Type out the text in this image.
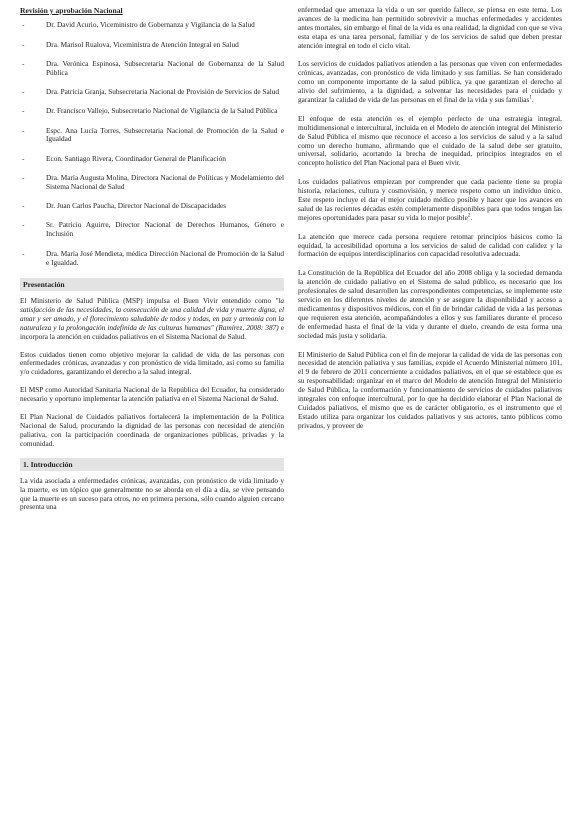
Revisión y aprobación Nacional
-	Dr. David Acurio, Viceministro de Gobernanza y Vigilancia de la Salud
-	Dra. Marisol Rualova, Viceministra de Atención Integral en Salud
-	Dra. Verónica Espinosa, Subsecretaria Nacional de Gobernanza de la Salud Pública
-	Dra. Patricia Granja, Subsecretaria Nacional de Provisión de Servicios de Salud
-	Dr. Francisco Vallejo, Subsecretario Nacional de Vigilancia de la Salud Pública
-	Espc. Ana Lucía Torres, Subsecretaria Nacional de Promoción de la Salud e Igualdad
-	Econ. Santiago Rivera, Coordinador General de Planificación
-	Dra. María Augusta Molina, Directora Nacional de Políticas y Modelamiento del Sistema Nacional de Salud
-	Dr. Juan Carlos Paucha, Director Nacional de Discapacidades
-	Sr. Patricio Aguirre, Director Nacional de Derechos Humanos, Género e Inclusión
-	Dra. María José Mendieta, médica Dirección Nacional de Promoción de la Salud e Igualdad.
Presentación

El Ministerio de Salud Pública (MSP) impulsa el Buen Vivir entendido como "la satisfacción de las necesidades, la consecución de una calidad de vida y muerte digna, el amar y ser amado, y el florecimiento saludable de todos y todas, en paz y armonía con la naturaleza y la prolongación indefinida de las culturas humanas" (Ramírez, 2008: 387) e incorpora la atención en cuidados paliativos en el Sistema Nacional de Salud.

Estos cuidados tienen como objetivo mejorar la calidad de vida de las personas con enfermedades crónicas, avanzadas y con pronóstico de vida limitado, así como su familia y/o cuidadores, garantizando el derecho a la salud integral.

El MSP como Autoridad Sanitaria Nacional de la República del Ecuador, ha considerado necesario y oportuno implementar la atención paliativa en el Sistema Nacional de Salud.

El Plan Nacional de Cuidados paliativos fortalecerá la implementación de la Política Nacional de Salud, procurando la dignidad de las personas con necesidad de atención paliativa, con la participación coordinada de organizaciones públicas, privadas y la comunidad.

1. Introducción

La vida asociada a enfermedades crónicas, avanzadas, con pronóstico de vida limitado y la muerte, es un tópico que generalmente no se aborda en el día a día, se vive pensando que la muerte es un suceso para otros, no en primera persona, sólo cuando alguien cercano presenta una

enfermedad que amenaza la vida o un ser querido fallece, se piensa en este tema. Los avances de la medicina han permitido sobrevivir a muchas enfermedades y accidentes antes mortales, sin embargo el final de la vida es una realidad, la dignidad con que se viva esta etapa es una tarea personal, familiar y de los servicios de salud que deben prestar atención integral en todo el ciclo vital.

Los servicios de cuidados paliativos atienden a las personas que viven con enfermedades crónicas, avanzadas, con pronóstico de vida limitado y sus familias. Se han considerado como un componente importante de la salud pública, ya que garantizan el derecho al alivio del sufrimiento, a la dignidad, a solventar las necesidades para el cuidado y garantizar la calidad de vida de las personas en el final de la vida y sus familias$^1$.

El enfoque de esta atención es el ejemplo perfecto de una estrategia integral, multidimensional e intercultural, incluida en el Modelo de atención integral del Ministerio de Salud Pública el mismo que reconoce el acceso a los servicios de salud y a la salud como un derecho humano, afirmando que el cuidado de la salud debe ser gratuito, universal, solidario, acortando la brecha de inequidad, principios integrados en el concepto holístico del Plan Nacional para el Buen vivir.

Los cuidados paliativos empiezan por comprender que cada paciente tiene su propia historia, relaciones, cultura y cosmovisión, y merece respeto como un individuo único. Este respeto incluye el dar el mejor cuidado médico posible y hacer que los avances en salud de las recientes décadas estén completamente disponibles para que todos tengan las mejores oportunidades para pasar su vida lo mejor posible$^2$.

La atención que merece cada persona requiere retomar principios básicos como la equidad, la accesibilidad oportuna a los servicios de salud de calidad con calidez y la formación de equipos interdisciplinarios con capacidad resolutiva adecuada.

La Constitución de la República del Ecuador del año 2008 obliga y la sociedad demanda la atención de cuidado paliativo en el Sistema de salud público, es necesario que los profesionales de salud desarrollen las correspondientes competencias, se implemente este servicio en los diferentes niveles de atención y se asegure la disponibilidad y acceso a medicamentos y dispositivos médicos, con el fin de brindar calidad de vida a las personas que requieren esta atención, acompañándoles a ellos y sus familiares durante el proceso de enfermedad hasta el final de la vida y durante el duelo, creando de esta forma una sociedad más justa y solidaria.

El Ministerio de Salud Pública con el fin de mejorar la calidad de vida de las personas con necesidad de atención paliativa y sus familias, expide el Acuerdo Ministerial número 101, el 9 de febrero de 2011 concerniente a cuidados paliativos, en el que se establece que es su responsabilidad: organizar en el marco del Modelo de atención Integral del Ministerio de Salud Pública, la conformación y funcionamiento de servicios de cuidados paliativos integrales con enfoque intercultural, por lo que ha decidido elaborar el Plan Nacional de Cuidados paliativos, el mismo que es de carácter obligatorio, es el instrumento que el Estado utiliza para organizar los cuidados paliativos y sus actores, tanto públicos como privados, y proveer de
